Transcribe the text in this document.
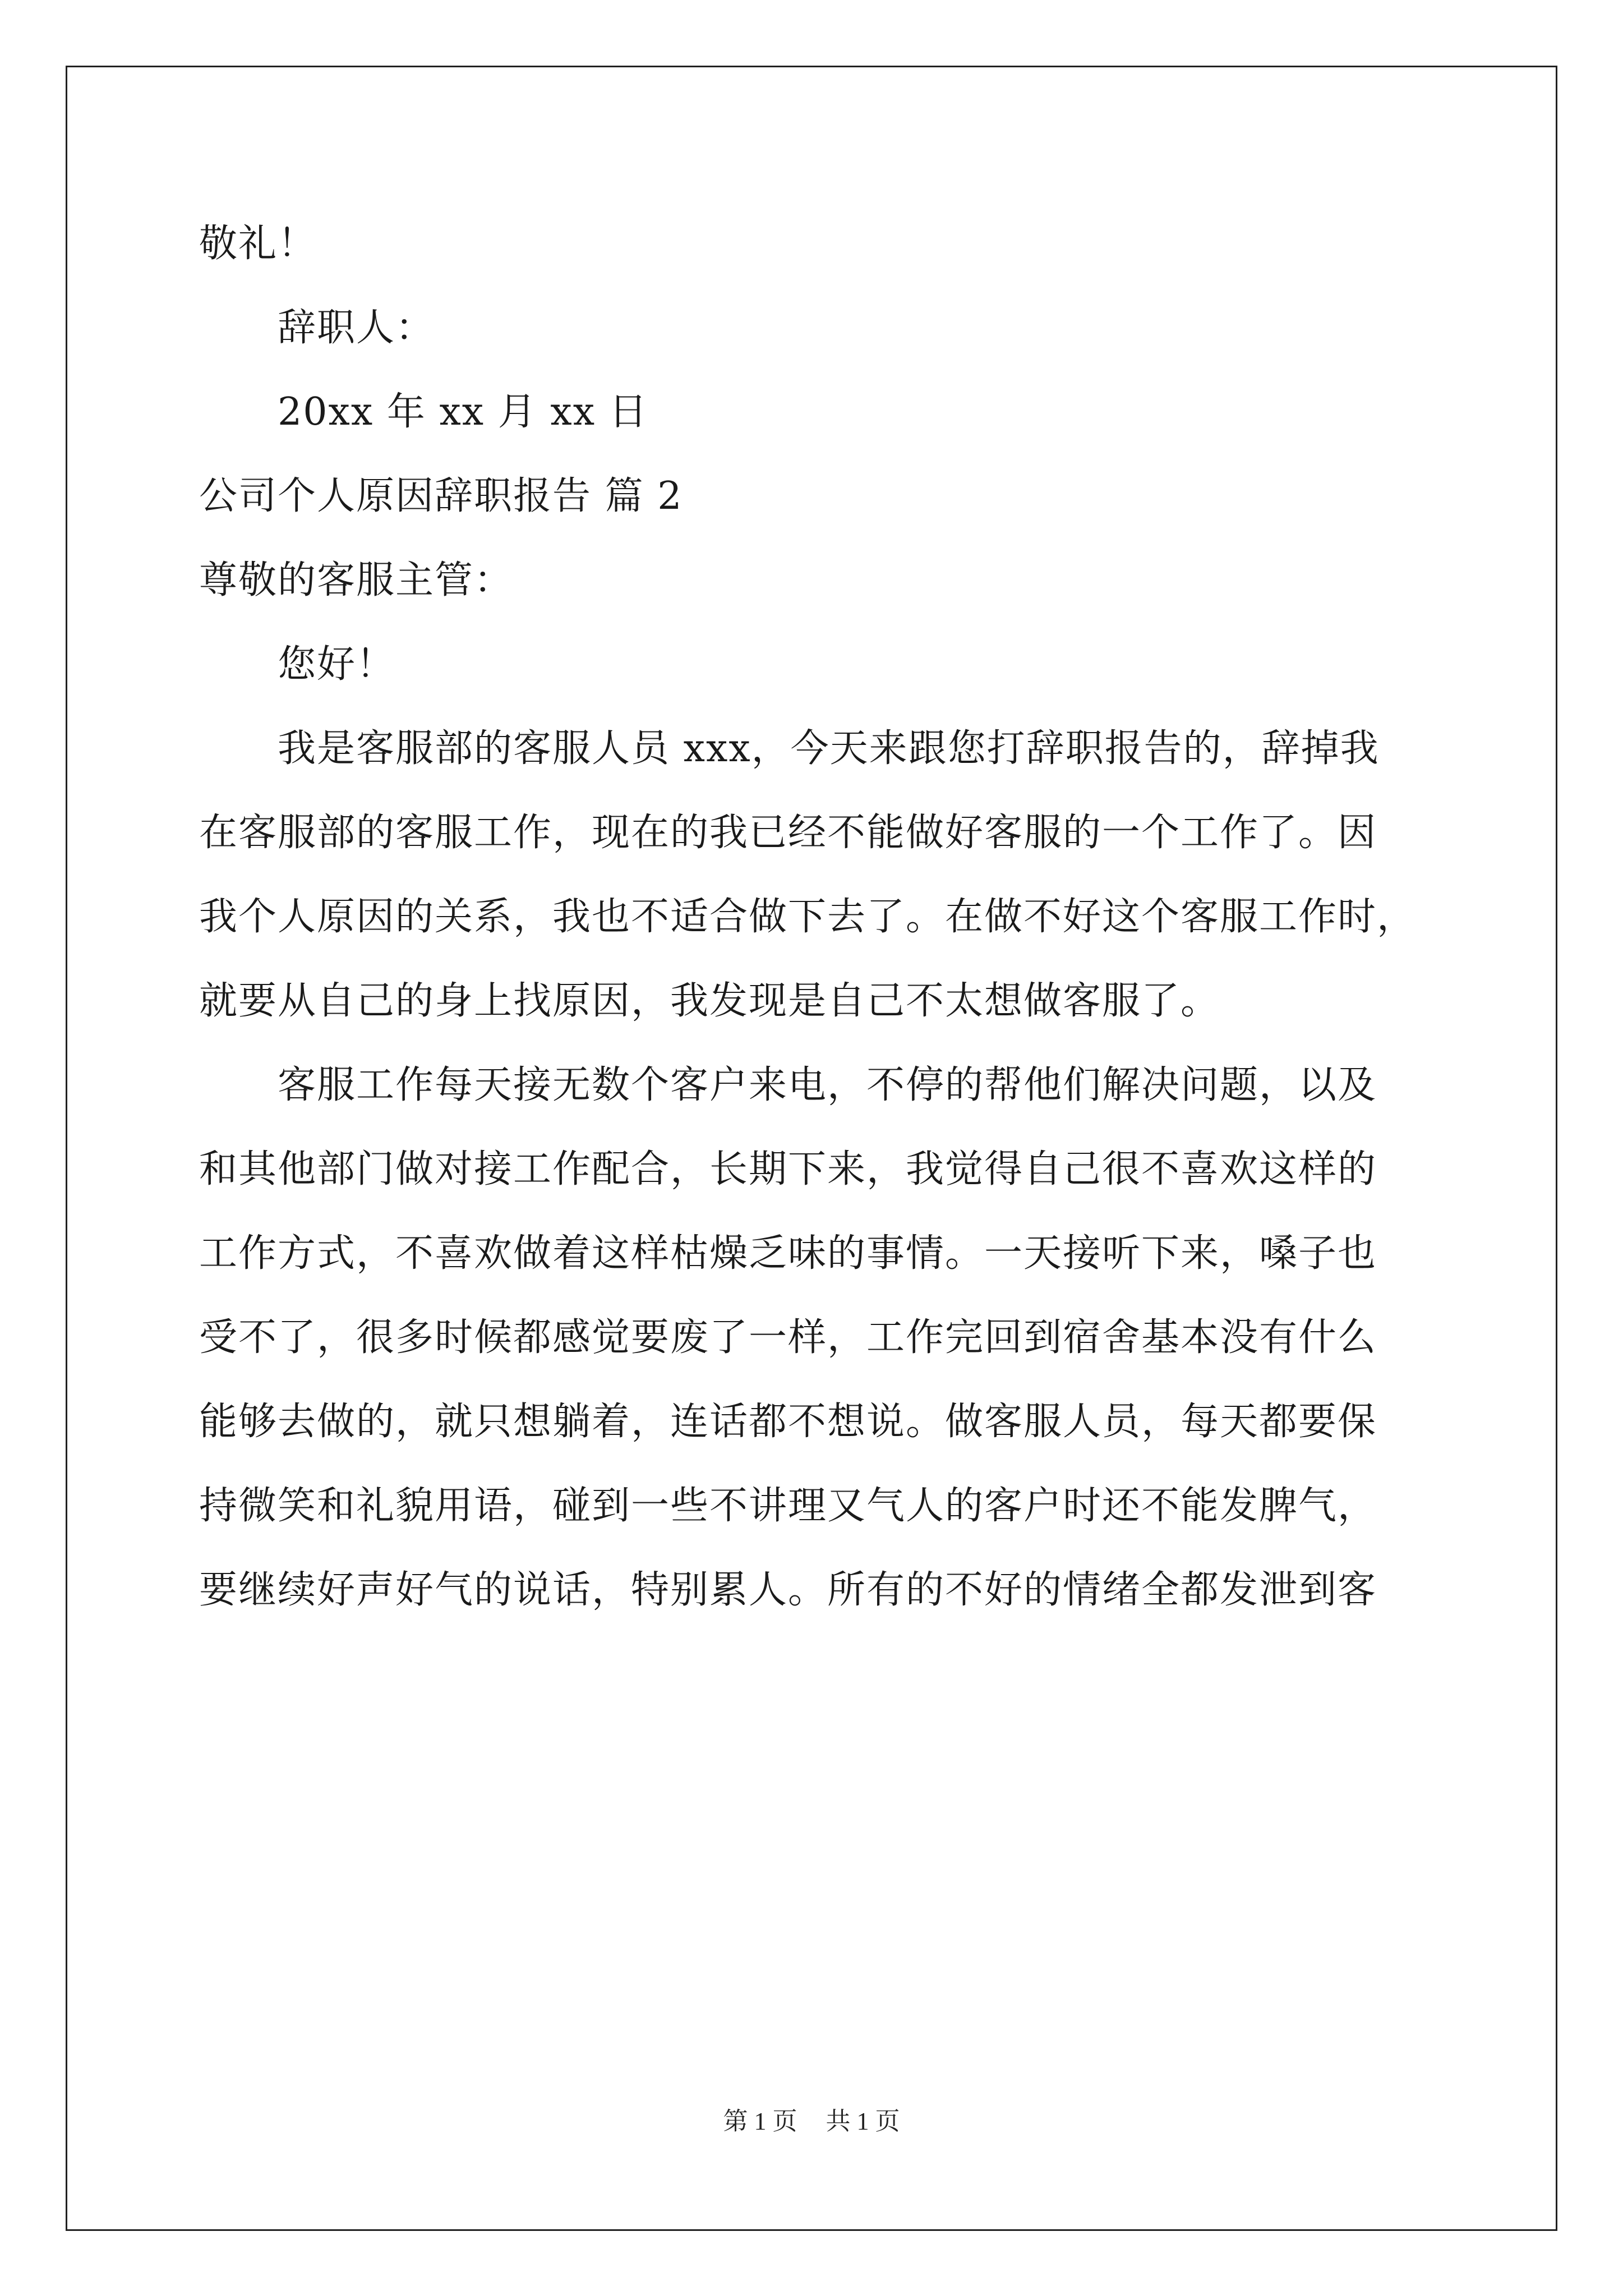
敬礼！
辞职人：
20xx 年 xx 月 xx 日
公司个人原因辞职报告 篇 2
尊敬的客服主管：
您好！
我是客服部的客服人员 xxx，今天来跟您打辞职报告的，辞掉我
在客服部的客服工作，现在的我已经不能做好客服的一个工作了。因
我个人原因的关系，我也不适合做下去了。在做不好这个客服工作时，
就要从自己的身上找原因，我发现是自己不太想做客服了。
客服工作每天接无数个客户来电，不停的帮他们解决问题，以及
和其他部门做对接工作配合，长期下来，我觉得自己很不喜欢这样的
工作方式，不喜欢做着这样枯燥乏味的事情。一天接听下来，嗓子也
受不了，很多时候都感觉要废了一样，工作完回到宿舍基本没有什么
能够去做的，就只想躺着，连话都不想说。做客服人员，每天都要保
持微笑和礼貌用语，碰到一些不讲理又气人的客户时还不能发脾气，
要继续好声好气的说话，特别累人。所有的不好的情绪全都发泄到客
第 1 页 共 1 页
